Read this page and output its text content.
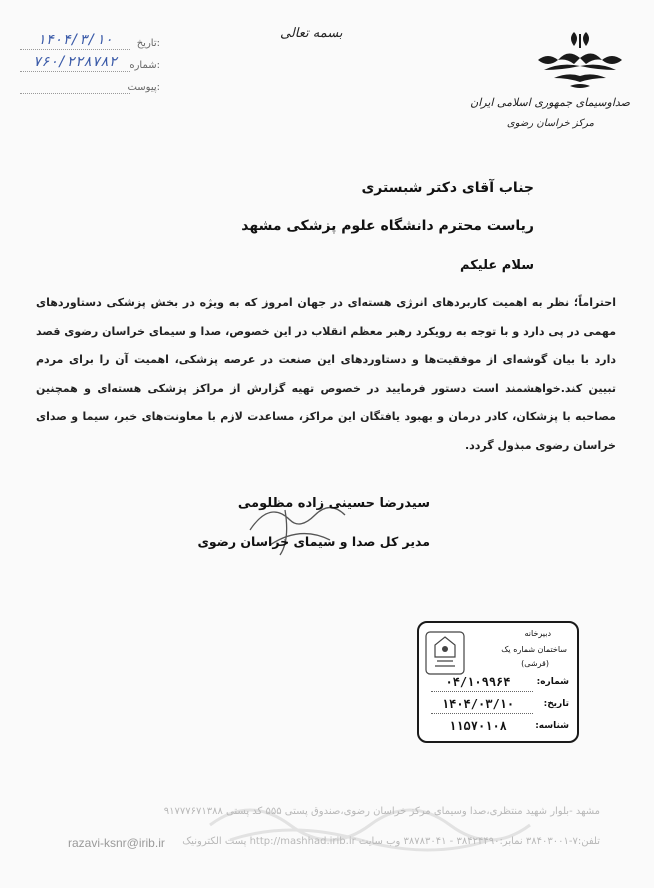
:تاریخ
۱۴۰۴/۳/۱۰
:شماره
۷۶۰/۲۲۸۷۸۲
:پیوست
بسمه تعالی
صداوسیمای جمهوری اسلامی ایران
مرکز خراسان رضوی
جناب آقای دکتر شبستری
ریاست محترم دانشگاه علوم پزشکی مشهد
سلام علیکم
احتراماً؛ نظر به اهمیت کاربردهای انرژی هسته‌ای در جهان امروز که به ویژه در بخش پزشکی دستاوردهای مهمی در پی دارد و با توجه به رویکرد رهبر معظم انقلاب در این خصوص، صدا و سیمای خراسان رضوی قصد دارد با بیان گوشه‌ای از موفقیت‌ها و دستاوردهای این صنعت در عرصه پزشکی، اهمیت آن را برای مردم تبیین کند.خواهشمند است دستور فرمایید در خصوص تهیه گزارش از مراکز پزشکی هسته‌ای و همچنین مصاحبه با پزشکان، کادر درمان و بهبود یافتگان این مراکز، مساعدت لازم با معاونت‌های خبر، سیما و صدای خراسان رضوی مبذول گردد.
سیدرضا حسینی زاده مظلومی
مدیر کل صدا و سیمای خراسان رضوی
دبیرخانه
ساختمان شماره یک
(قرشی)
شماره:
۰۴/۱۰۹۹۶۴
تاریخ:
۱۴۰۴/۰۳/۱۰
شناسه:
۱۱۵۷۰۱۰۸
مشهد -بلوار شهید منتظری،صدا وسیمای مرکز خراسان رضوی،صندوق پستی ۵۵۵ کد پستی ۹۱۷۷۷۶۷۱۳۸۸
تلفن:۷-۳۸۴۰۳۰۰۱ نمابر:۳۸۴۲۴۴۹۰ - ۳۸۷۸۳۰۴۱ وب سایت http://mashhad.irib.ir پست الکترونیک
razavi-ksnr@irib.ir
